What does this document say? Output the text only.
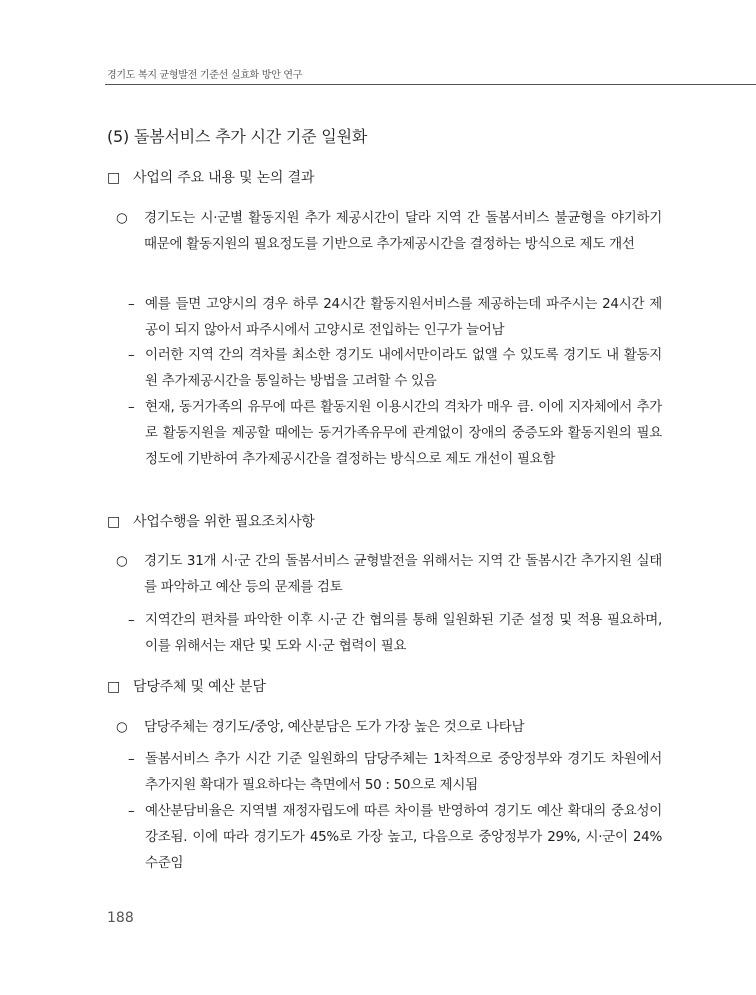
경기도 복지 균형발전 기준선 실효화 방안 연구
(5) 돌봄서비스 추가 시간 기준 일원화
□ 사업의 주요 내용 및 논의 결과
○	경기도는 시·군별 활동지원 추가 제공시간이 달라 지역 간 돌봄서비스 불균형을 야기하기 때문에 활동지원의 필요정도를 기반으로 추가제공시간을 결정하는 방식으로 제도 개선
– 예를 들면 고양시의 경우 하루 24시간 활동지원서비스를 제공하는데 파주시는 24시간 제공이 되지 않아서 파주시에서 고양시로 전입하는 인구가 늘어남
– 이러한 지역 간의 격차를 최소한 경기도 내에서만이라도 없앨 수 있도록 경기도 내 활동지원 추가제공시간을 통일하는 방법을 고려할 수 있음
– 현재, 동거가족의 유무에 따른 활동지원 이용시간의 격차가 매우 큼. 이에 지자체에서 추가로 활동지원을 제공할 때에는 동거가족유무에 관계없이 장애의 중증도와 활동지원의 필요정도에 기반하여 추가제공시간을 결정하는 방식으로 제도 개선이 필요함
□ 사업수행을 위한 필요조치사항
○	경기도 31개 시·군 간의 돌봄서비스 균형발전을 위해서는 지역 간 돌봄시간 추가지원 실태를 파악하고 예산 등의 문제를 검토
– 지역간의 편차를 파악한 이후 시·군 간 협의를 통해 일원화된 기준 설정 및 적용 필요하며, 이를 위해서는 재단 및 도와 시·군 협력이 필요
□ 담당주체 및 예산 분담
○	담당주체는 경기도/중앙, 예산분담은 도가 가장 높은 것으로 나타남
– 돌봄서비스 추가 시간 기준 일원화의 담당주체는 1차적으로 중앙정부와 경기도 차원에서 추가지원 확대가 필요하다는 측면에서 50 : 50으로 제시됨
– 예산분담비율은 지역별 재정자립도에 따른 차이를 반영하여 경기도 예산 확대의 중요성이 강조됨. 이에 따라 경기도가 45%로 가장 높고, 다음으로 중앙정부가 29%, 시·군이 24% 수준임
188
